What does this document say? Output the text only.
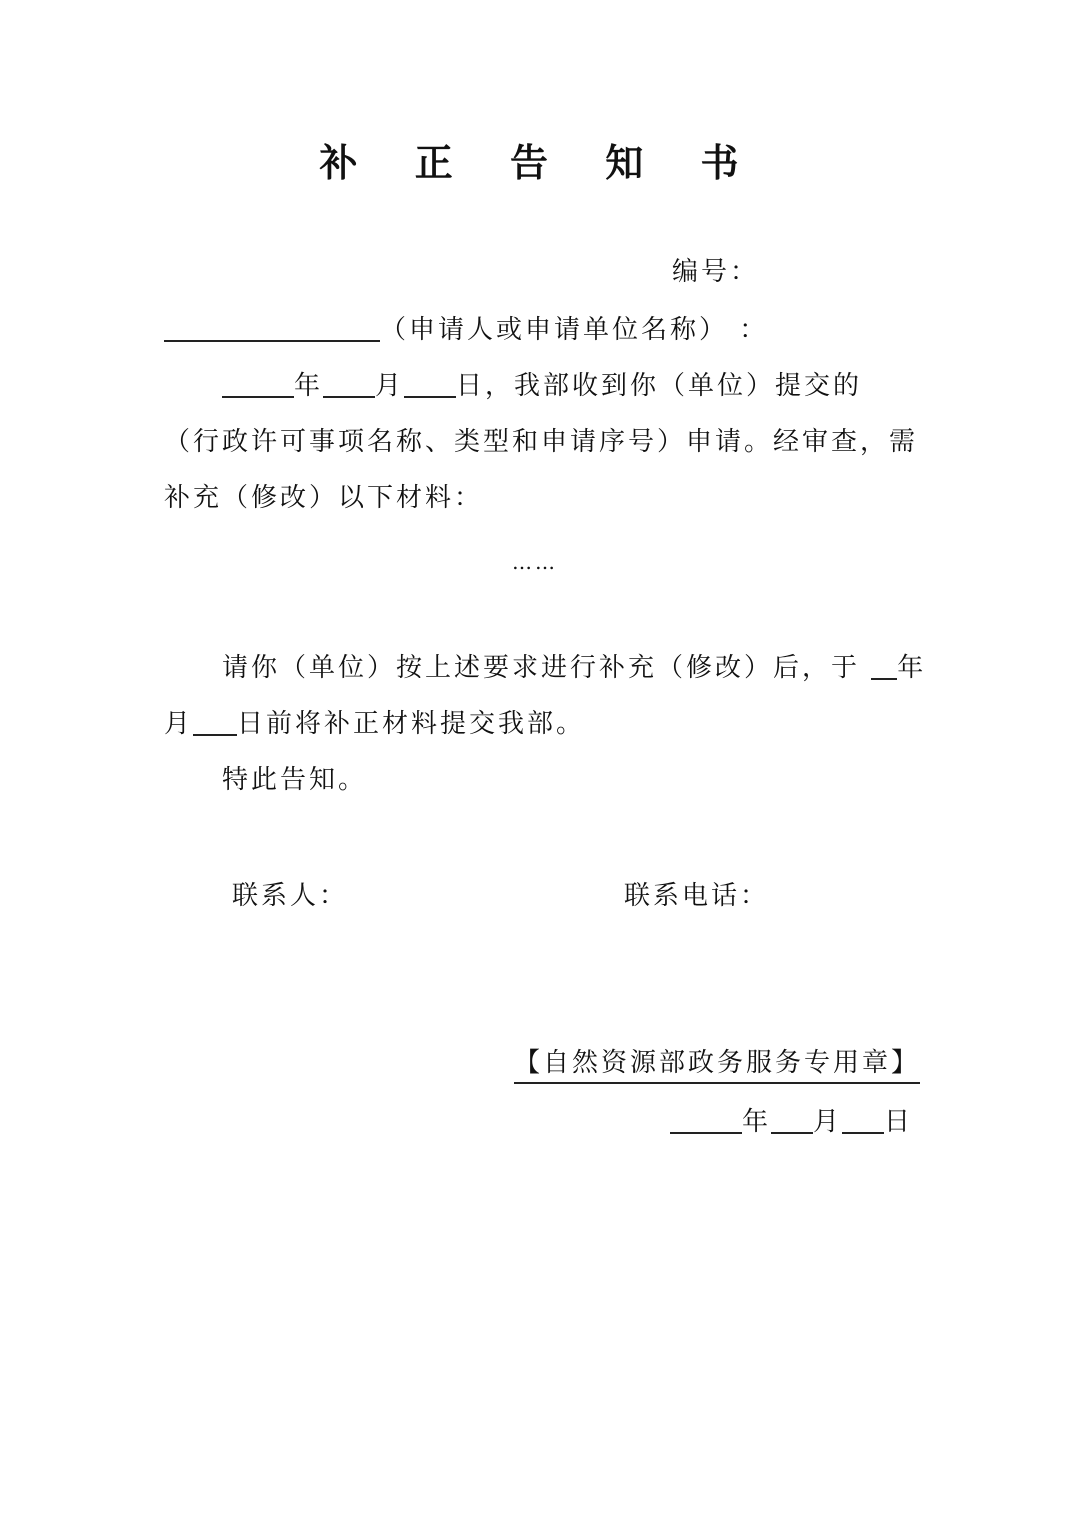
补 正 告 知 书
编号：
（申请人或申请单位名称） ：
年 月 日，我部收到你（单位）提交的
（行政许可事项名称、类型和申请序号）申请。经审查，需
补充（修改）以下材料：
……
请你（单位）按上述要求进行补充（修改）后，于 年
月 日前将补正材料提交我部。
特此告知。
联系人：	联系电话：
【自然资源部政务服务专用章】
年 月 日
